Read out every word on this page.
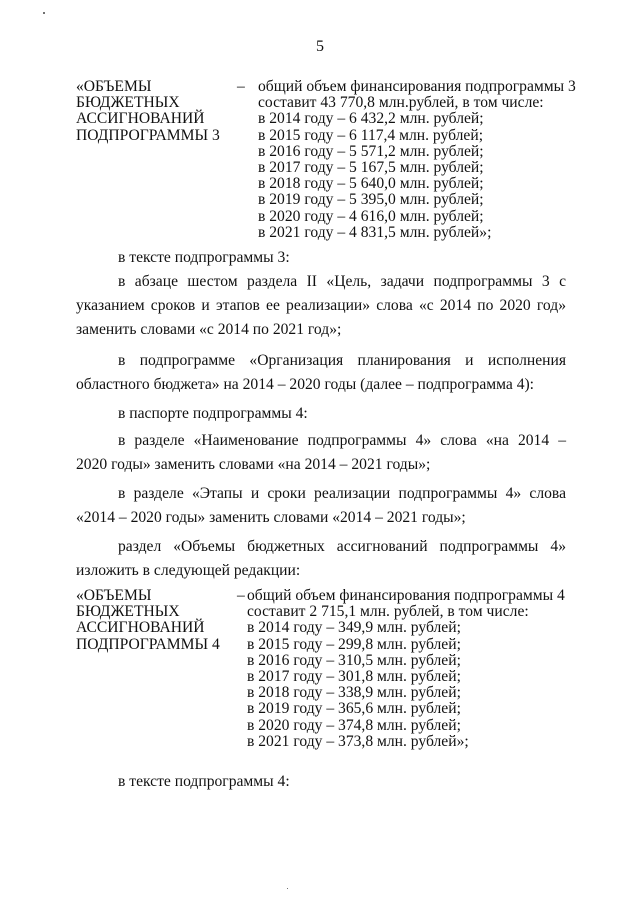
5
«ОБЪЕМЫ
БЮДЖЕТНЫХ
АССИГНОВАНИЙ
ПОДПРОГРАММЫ 3
– общий объем финансирования подпрограммы 3
составит 43 770,8 млн.рублей, в том числе:
в 2014 году – 6 432,2 млн. рублей;
в 2015 году – 6 117,4 млн. рублей;
в 2016 году – 5 571,2 млн. рублей;
в 2017 году – 5 167,5 млн. рублей;
в 2018 году – 5 640,0 млн. рублей;
в 2019 году – 5 395,0 млн. рублей;
в 2020 году – 4 616,0 млн. рублей;
в 2021 году – 4 831,5 млн. рублей»;
в тексте подпрограммы 3:
в абзаце шестом раздела II «Цель, задачи подпрограммы 3 с
указанием сроков и этапов ее реализации» слова «с 2014 по 2020 год»
заменить словами «с 2014 по 2021 год»;
в подпрограмме «Организация планирования и исполнения
областного бюджета» на 2014 – 2020 годы (далее – подпрограмма 4):
в паспорте подпрограммы 4:
в разделе «Наименование подпрограммы 4» слова «на 2014 –
2020 годы» заменить словами «на 2014 – 2021 годы»;
в разделе «Этапы и сроки реализации подпрограммы 4» слова
«2014 – 2020 годы» заменить словами «2014 – 2021 годы»;
раздел «Объемы бюджетных ассигнований подпрограммы 4»
изложить в следующей редакции:
«ОБЪЕМЫ
БЮДЖЕТНЫХ
АССИГНОВАНИЙ
ПОДПРОГРАММЫ 4
– общий объем финансирования подпрограммы 4
составит 2 715,1 млн. рублей, в том числе:
в 2014 году – 349,9 млн. рублей;
в 2015 году – 299,8 млн. рублей;
в 2016 году – 310,5 млн. рублей;
в 2017 году – 301,8 млн. рублей;
в 2018 году – 338,9 млн. рублей;
в 2019 году – 365,6 млн. рублей;
в 2020 году – 374,8 млн. рублей;
в 2021 году – 373,8 млн. рублей»;
в тексте подпрограммы 4:
